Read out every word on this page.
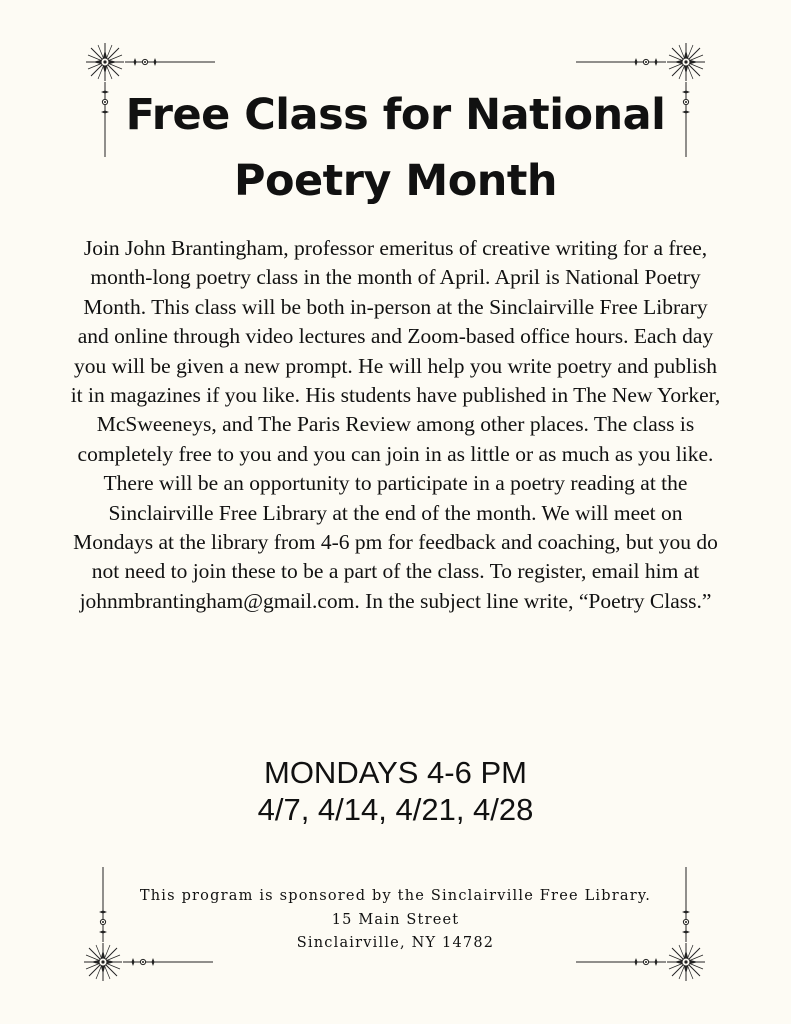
Free Class for National
Poetry Month

Join John Brantingham, professor emeritus of creative writing for a free, month-long poetry class in the month of April. April is National Poetry Month. This class will be both in-person at the Sinclairville Free Library and online through video lectures and Zoom-based office hours. Each day you will be given a new prompt. He will help you write poetry and publish it in magazines if you like. His students have published in The New Yorker, McSweeneys, and The Paris Review among other places. The class is completely free to you and you can join in as little or as much as you like. There will be an opportunity to participate in a poetry reading at the Sinclairville Free Library at the end of the month. We will meet on Mondays at the library from 4-6 pm for feedback and coaching, but you do not need to join these to be a part of the class. To register, email him at johnmbrantingham@gmail.com. In the subject line write, “Poetry Class.”

MONDAYS 4-6 PM
4/7, 4/14, 4/21, 4/28
This program is sponsored by the Sinclairville Free Library.
15 Main Street
Sinclairville, NY 14782
